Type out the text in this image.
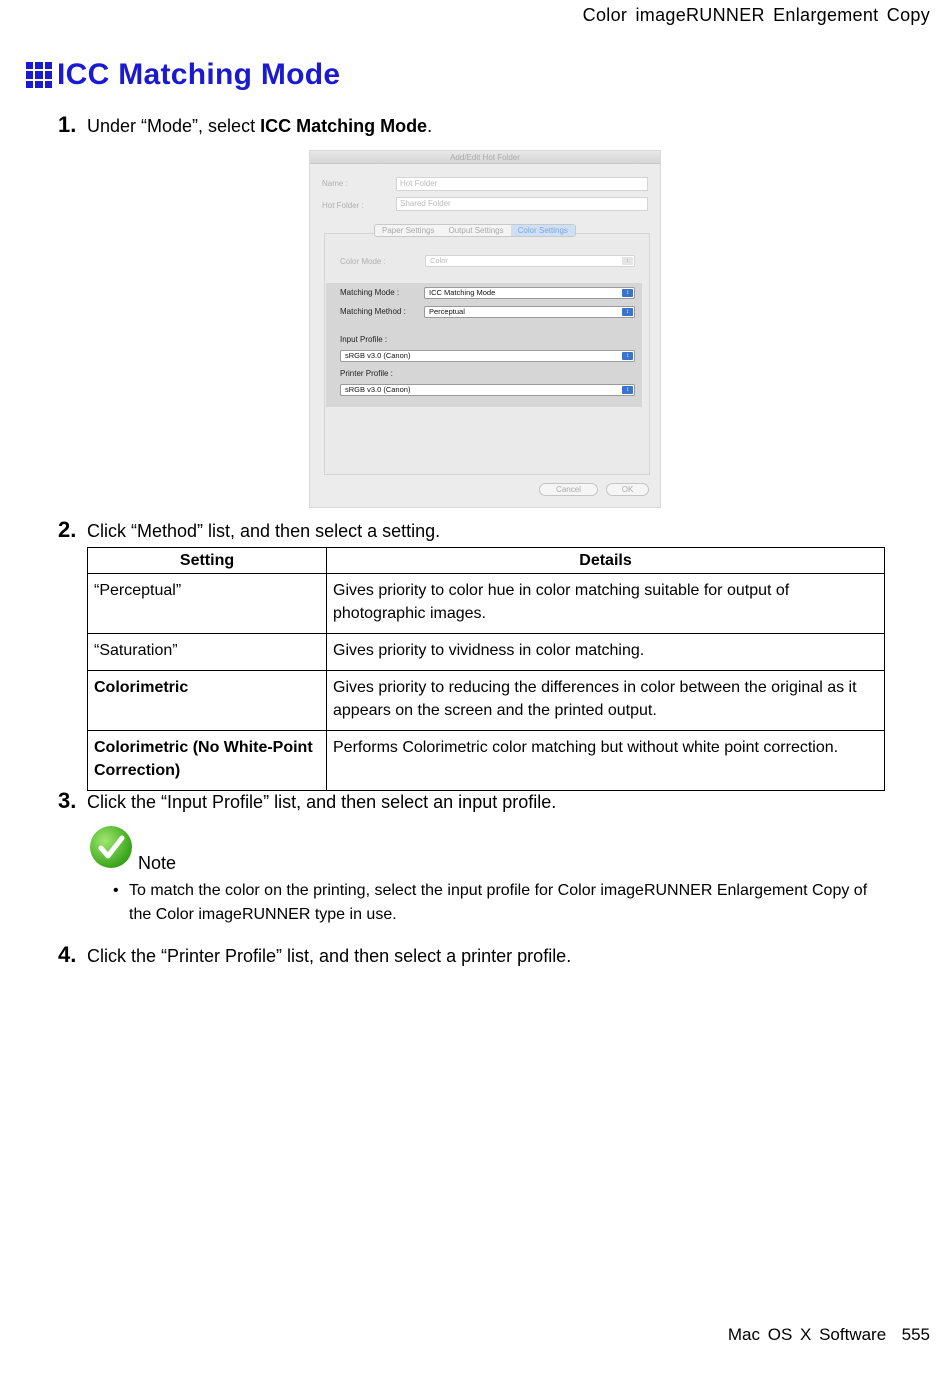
Color imageRUNNER Enlargement Copy
ICC Matching Mode
1. Under “Mode”, select ICC Matching Mode.
Add/Edit Hot Folder
Name :	Hot Folder
Hot Folder :	Shared Folder
Paper Settings	Output Settings	Color Settings
Color Mode :	Color	↕
Matching Mode :	ICC Matching Mode	↕
Matching Method :	Perceptual	↕
Input Profile :
sRGB v3.0 (Canon)	↕
Printer Profile :
sRGB v3.0 (Canon)	↕
Cancel	OK
2. Click “Method” list, and then select a setting.
Setting	Details
“Perceptual”	Gives priority to color hue in color matching suitable for output of photographic images.
“Saturation”	Gives priority to vividness in color matching.
Colorimetric	Gives priority to reducing the differences in color between the original as it appears on the screen and the printed output.
Colorimetric (No White-Point Correction)	Performs Colorimetric color matching but without white point correction.
3. Click the “Input Profile” list, and then select an input profile.
Note
• To match the color on the printing, select the input profile for Color imageRUNNER Enlargement Copy of the Color imageRUNNER type in use.
4. Click the “Printer Profile” list, and then select a printer profile.
Mac OS X Software 555
